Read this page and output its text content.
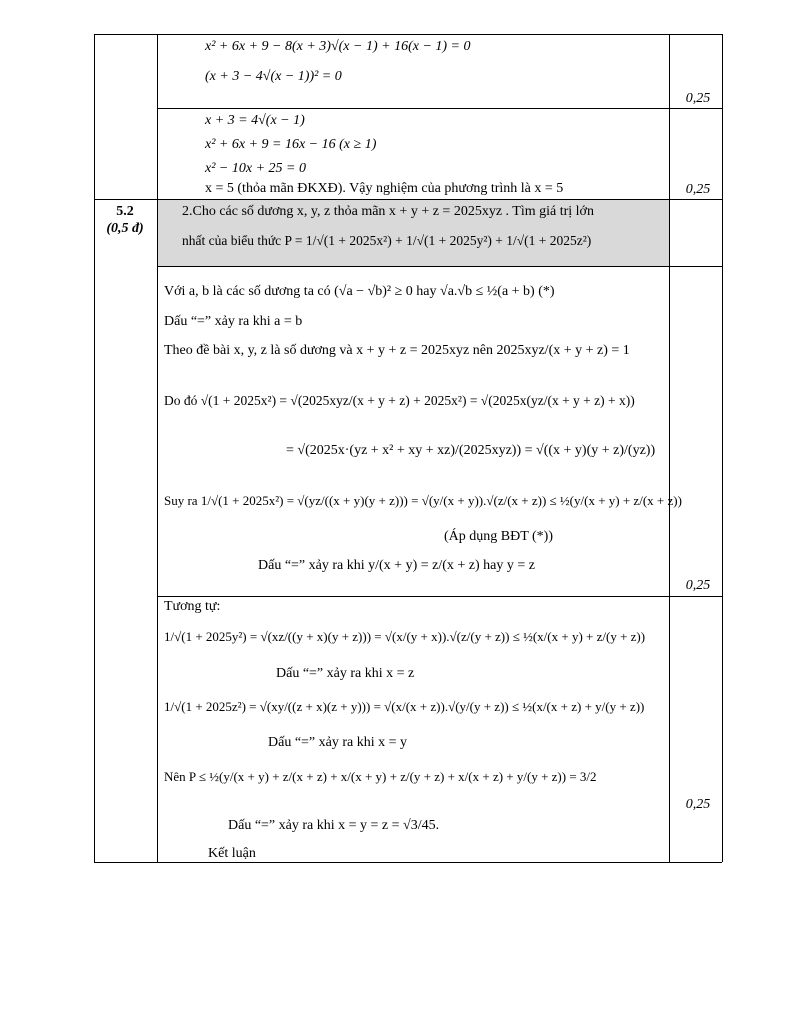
x² + 6x + 9 − 8(x + 3)√(x − 1) + 16(x − 1) = 0
(x + 3 − 4√(x − 1))² = 0
0,25
x + 3 = 4√(x − 1)
x² + 6x + 9 = 16x − 16 (x ≥ 1)
x² − 10x + 25 = 0
x = 5 (thỏa mãn ĐKXĐ). Vậy nghiệm của phương trình là x = 5	0,25
5.2
(0,5 đ)
2.Cho các số dương x, y, z thỏa mãn x + y + z = 2025xyz . Tìm giá trị lớn
nhất của biểu thức P = 1/√(1 + 2025x²) + 1/√(1 + 2025y²) + 1/√(1 + 2025z²)
Với a, b là các số dương ta có (√a − √b)² ≥ 0 hay √a.√b ≤ ½(a + b) (*)
Dấu “=” xảy ra khi a = b
Theo đề bài x, y, z là số dương và x + y + z = 2025xyz nên 2025xyz/(x + y + z) = 1
Do đó √(1 + 2025x²) = √(2025xyz/(x + y + z) + 2025x²) = √(2025x(yz/(x + y + z) + x))
= √(2025x·(yz + x² + xy + xz)/(2025xyz)) = √((x + y)(y + z)/(yz))
Suy ra 1/√(1 + 2025x²) = √(yz/((x + y)(y + z))) = √(y/(x + y)).√(z/(x + z)) ≤ ½(y/(x + y) + z/(x + z))
(Áp dụng BĐT (*))
Dấu “=” xảy ra khi y/(x + y) = z/(x + z) hay y = z
0,25
Tương tự:
1/√(1 + 2025y²) = √(xz/((y + x)(y + z))) = √(x/(y + x)).√(z/(y + z)) ≤ ½(x/(x + y) + z/(y + z))
Dấu “=” xảy ra khi x = z
1/√(1 + 2025z²) = √(xy/((z + x)(z + y))) = √(x/(x + z)).√(y/(y + z)) ≤ ½(x/(x + z) + y/(y + z))
Dấu “=” xảy ra khi x = y
Nên P ≤ ½(y/(x + y) + z/(x + z) + x/(x + y) + z/(y + z) + x/(x + z) + y/(y + z)) = 3/2
Dấu “=” xảy ra khi x = y = z = √3/45.
Kết luận
0,25
